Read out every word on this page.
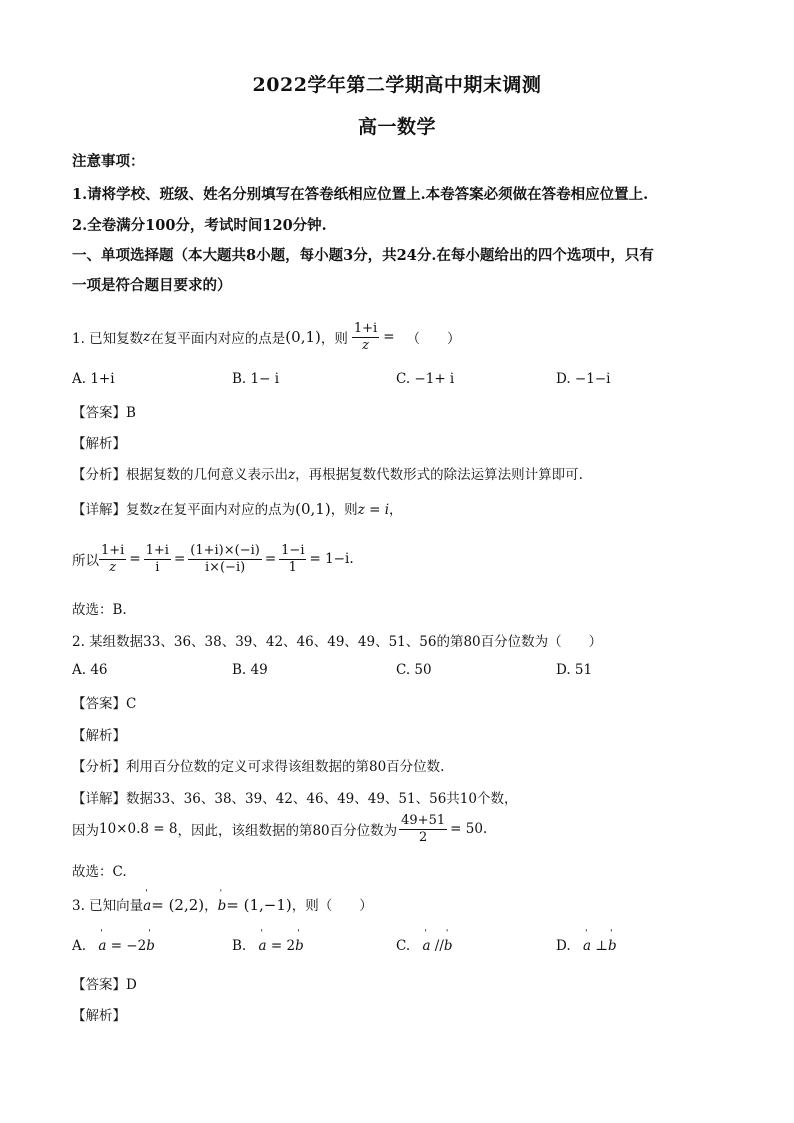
2022学年第二学期高中期末调测
高一数学
注意事项：
1.请将学校、班级、姓名分别填写在答卷纸相应位置上.本卷答案必须做在答卷相应位置上.
2.全卷满分100分，考试时间120分钟.
一、单项选择题（本大题共8小题，每小题3分，共24分.在每小题给出的四个选项中，只有
一项是符合题目要求的）
1. 已知复数 z 在复平面内对应的点是 (0,1) ，则 $\frac{1+i}{z}$ = （　　）
A. 1+i	B. 1− i	C. −1+ i	D. −1−i
【答案】B
【解析】
【分析】根据复数的几何意义表示出z，再根据复数代数形式的除法运算法则计算即可.
【详解】复数z在复平面内对应的点为(0,1)，则z = i，
所以 $\frac{1+i}{z} = \frac{1+i}{i} = \frac{(1+i)\times(-i)}{i\times(-i)} = \frac{1-i}{1} = 1-i$ .
故选：B.
2. 某组数据33、36、38、39、42、46、49、49、51、56的第80百分位数为（　　）
A. 46	B. 49	C. 50	D. 51
【答案】C
【解析】
【分析】利用百分位数的定义可求得该组数据的第80百分位数.
【详解】数据33、36、38、39、42、46、49、49、51、56共10个数，
因为 10×0.8 = 8 ，因此，该组数据的第80百分位数为 $\frac{49+51}{2} = 50$ .
故选：C.
3. 已知向量' a= (2,2)，' b= (1,−1)，则（　　）
A. ' a = −2' b	B. ' a = 2' b	C. ' a //' b	D. ' a ⊥' b
【答案】D
【解析】
